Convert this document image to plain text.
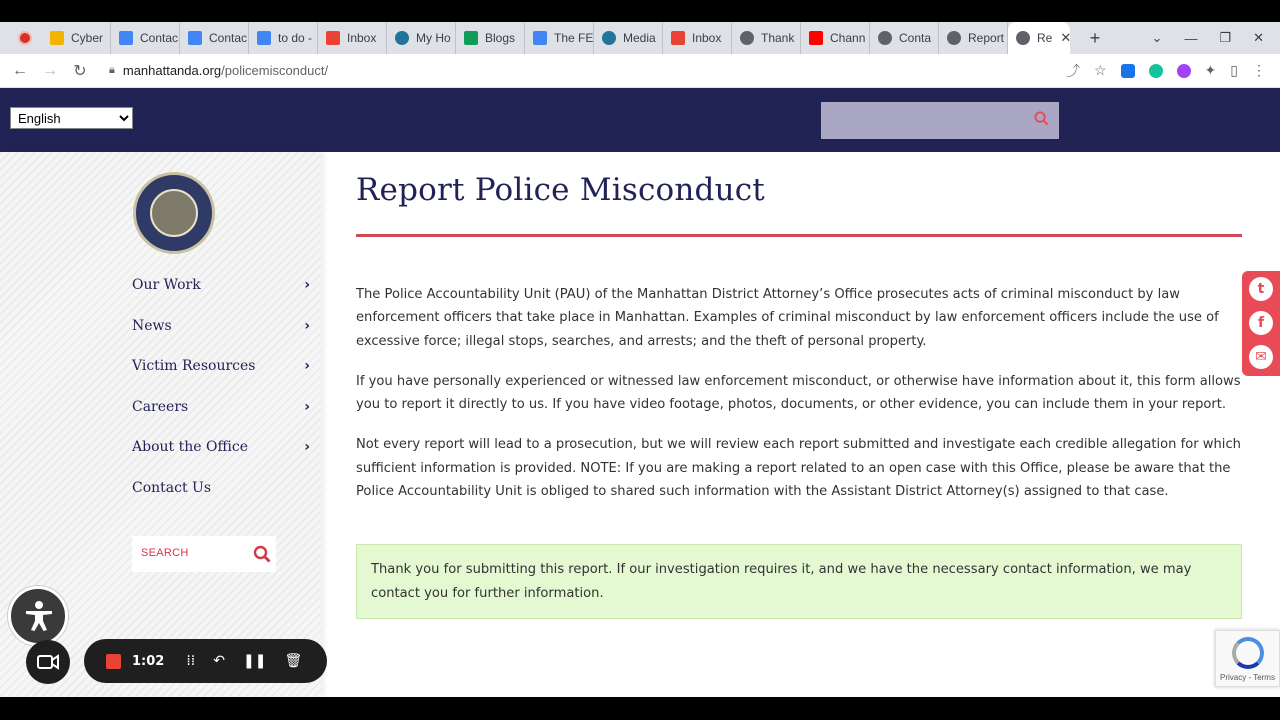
Cyber	Contac	Contac	to do -	Inbox	My Ho	Blogs	The FE Media	Inbox	Thank	Chann	Conta	Report	Re ✕	+	⌄ — ❐ ✕
← → ↻	🔒︎ manhattanda.org /policemisconduct/	⤴ ☆	✦ ▯ ⋮
English
Our Work	›
News	›
Victim Resources	›
Careers	›
About the Office	›
Contact Us
SEARCH
Report Police Misconduct

The Police Accountability Unit (PAU) of the Manhattan District Attorney’s Office prosecutes acts of criminal misconduct by law enforcement officers that take place in Manhattan. Examples of criminal misconduct by law enforcement officers include the use of excessive force; illegal stops, searches, and arrests; and the theft of personal property.

If you have personally experienced or witnessed law enforcement misconduct, or otherwise have information about it, this form allows you to report it directly to us. If you have video footage, photos, documents, or other evidence, you can include them in your report.

Not every report will lead to a prosecution, but we will review each report submitted and investigate each credible allegation for which sufficient information is provided. NOTE: If you are making a report related to an open case with this Office, please be aware that the Police Accountability Unit is obliged to shared such information with the Assistant District Attorney(s) assigned to that case.

Thank you for submitting this report. If our investigation requires it, and we have the necessary contact information, we may contact you for further information.
t
f
✉
Privacy - Terms
1:02 ⁞⁞ ↶ ❚❚ 🗑︎
